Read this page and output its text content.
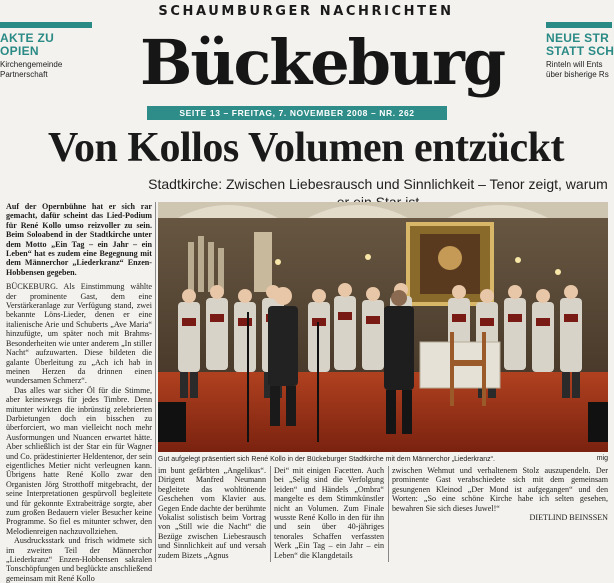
SCHAUMBURGER NACHRICHTEN
AKTE ZU
OPIEN
Kirchengemeinde
Partnerschaft
NEUE STR
STATT SCH
Rinteln will Ents
über bisherige Rs
Bückeburg
SEITE 13 – FREITAG, 7. NOVEMBER 2008 – NR. 262
Von Kollos Volumen entzückt
Stadtkirche: Zwischen Liebesrausch und Sinnlichkeit – Tenor zeigt, warum

Auf der Opernbühne hat er sich rar gemacht, dafür scheint das Lied-Podium für René Kollo umso reizvoller zu sein. Beim Soloabend in der Stadtkirche unter dem Motto „Ein Tag – ein Jahr – ein Leben“ hat es zudem eine Begegnung mit dem Männerchor „Liederkranz“ Enzen-Hobbensen gegeben.

BÜCKEBURG. Als Einstimmung wählte der prominente Gast, dem eine Verstärkeranlage zur Verfügung stand, zwei bekannte Löns-Lieder, denen er eine italienische Arie und Schuberts „Ave Maria“ hinzufügte, um später noch mit Brahms-Besonderheiten wie unter anderem „In stiller Nacht“ aufzuwarten. Diese bildeten die galante Überleitung zu „Ach ich hab in meinen Herzen da drinnen einen wundersamen Schmerz“.

Das alles war sicher Öl für die Stimme, aber keineswegs für jedes Timbre. Denn mitunter wirkten die inbrünstig zelebrierten Darbietungen doch ein bisschen zu überforciert, wo man vielleicht noch mehr Ausformungen und Nuancen erwartet hätte. Aber schließlich ist der Star ein für Wagner und Co. prädestinierter Heldentenor, der sein eigentliches Metier nicht verleugnen kann. Übrigens hatte René Kollo zwar den Organisten Jörg Strotthoff mitgebracht, der seine Interpretationen gespürvoll begleitete und für gekonnte Extrabeiträge sorgte, aber zum großen Bedauern vieler Besucher keine Programme. So fiel es mitunter schwer, den Melodienreigen nachzuvollziehen.

Ausdrucksstark und frisch widmete sich im zweiten Teil der Männerchor „Liederkranz“ Enzen-Hobbensen sakralen Tonschöpfungen und beglückte anschließend gemeinsam mit René Kollo

Gut aufgelegt präsentiert sich René Kollo in der Bückeburger Stadtkirche mit dem Männerchor „Liederkranz“.	mig

im bunt gefärbten „Angelikus“. Dirigent Manfred Neumann begleitete das wohltönende Geschehen vom Klavier aus. Gegen Ende dachte der berühmte Vokalist solistisch beim Vortrag von „Still wie die Nacht“ die Bezüge zwischen Liebesrausch und Sinnlichkeit auf und versah zudem Bizets „Agnus

Dei“ mit einigen Facetten. Auch bei „Selig sind die Verfolgung leiden“ und Händels „Ombra“ mangelte es dem Stimmkünstler nicht an Volumen. Zum Finale wusste René Kollo in den für ihn und sein über 40-jähriges tenorales Schaffen verfassten Werk „Ein Tag – ein Jahr – ein Leben“ die Klangdetails

zwischen Wehmut und verhaltenem Stolz auszupendeln. Der prominente Gast verabschiedete sich mit dem gemeinsam gesungenen Kleinod „Der Mond ist aufgegangen“ und den Worten: „So eine schöne Kirche habe ich selten gesehen, bewahren Sie sich dieses Juwel!“

DIETLIND BEINSSEN
